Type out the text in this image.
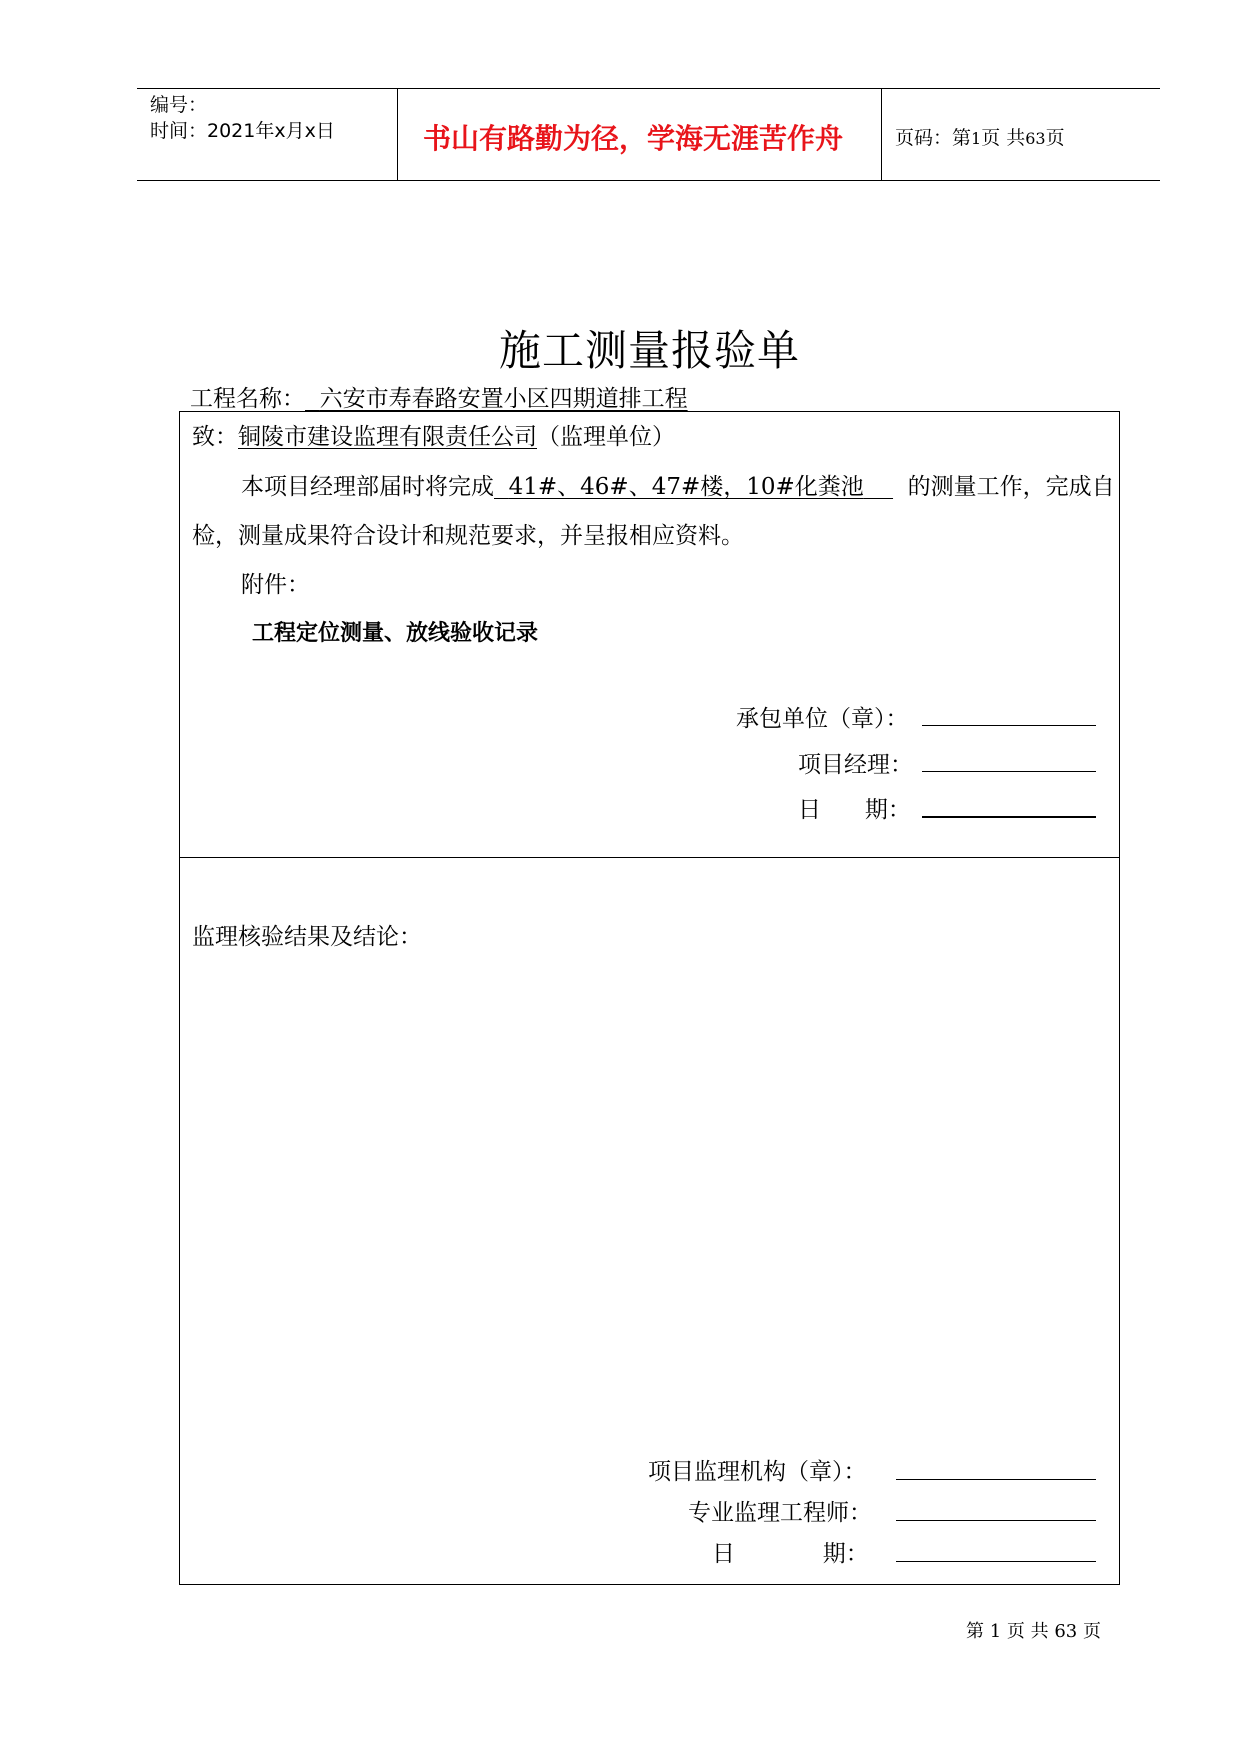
编号：
时间：2021年x月x日	书山有路勤为径，学海无涯苦作舟	页码：第1页 共63页
施工测量报验单
工程名称： 六安市寿春路安置小区四期道排工程
致：铜陵市建设监理有限责任公司（监理单位）
本项目经理部届时将完成 41#、46#、47#楼，10#化粪池 的测量工作，完成自
检，测量成果符合设计和规范要求，并呈报相应资料。
附件：
工程定位测量、放线验收记录
承包单位（章）：
项目经理：
日      期：
监理核验结果及结论：
项目监理机构（章）：
专业监理工程师：
日            期：
第 1 页 共 63 页
